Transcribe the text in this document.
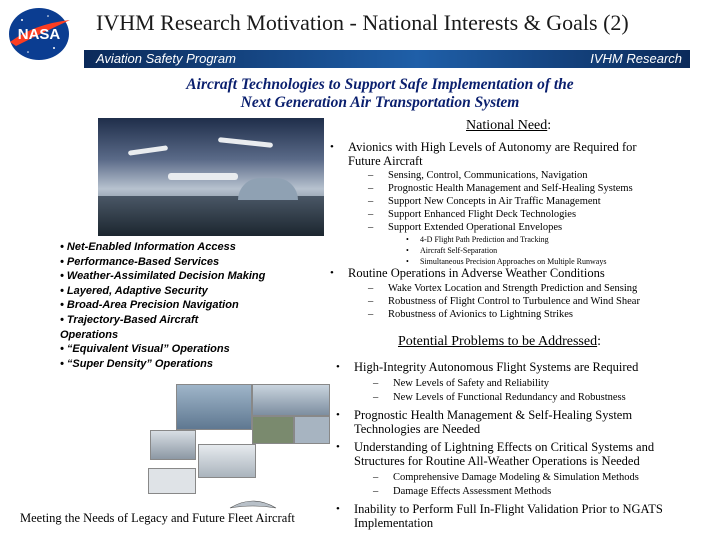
NASA IVHM Research Motivation - National Interests & Goals (2)
Aviation Safety Program	IVHM Research
Aircraft Technologies to Support Safe Implementation of the
Next Generation Air Transportation System
• Net-Enabled Information Access
• Performance-Based Services
• Weather-Assimilated Decision Making
• Layered, Adaptive Security
• Broad-Area Precision Navigation
• Trajectory-Based Aircraft
Operations
• “Equivalent Visual” Operations
• “Super Density” Operations
Meeting the Needs of Legacy and Future Fleet Aircraft
National Need:
• Avionics with High Levels of Autonomy are Required for
Future Aircraft
– Sensing, Control, Communications, Navigation
– Prognostic Health Management and Self-Healing Systems
– Support New Concepts in Air Traffic Management
– Support Enhanced Flight Deck Technologies
– Support Extended Operational Envelopes
• 4-D Flight Path Prediction and Tracking
• Aircraft Self-Separation
• Simultaneous Precision Approaches on Multiple Runways
• Routine Operations in Adverse Weather Conditions
– Wake Vortex Location and Strength Prediction and Sensing
– Robustness of Flight Control to Turbulence and Wind Shear
– Robustness of Avionics to Lightning Strikes
Potential Problems to be Addressed:
• High-Integrity Autonomous Flight Systems are Required
– New Levels of Safety and Reliability
– New Levels of Functional Redundancy and Robustness
• Prognostic Health Management & Self-Healing System
Technologies are Needed
• Understanding of Lightning Effects on Critical Systems and
Structures for Routine All-Weather Operations is Needed
– Comprehensive Damage Modeling & Simulation Methods
– Damage Effects Assessment Methods
• Inability to Perform Full In-Flight Validation Prior to NGATS
Implementation
